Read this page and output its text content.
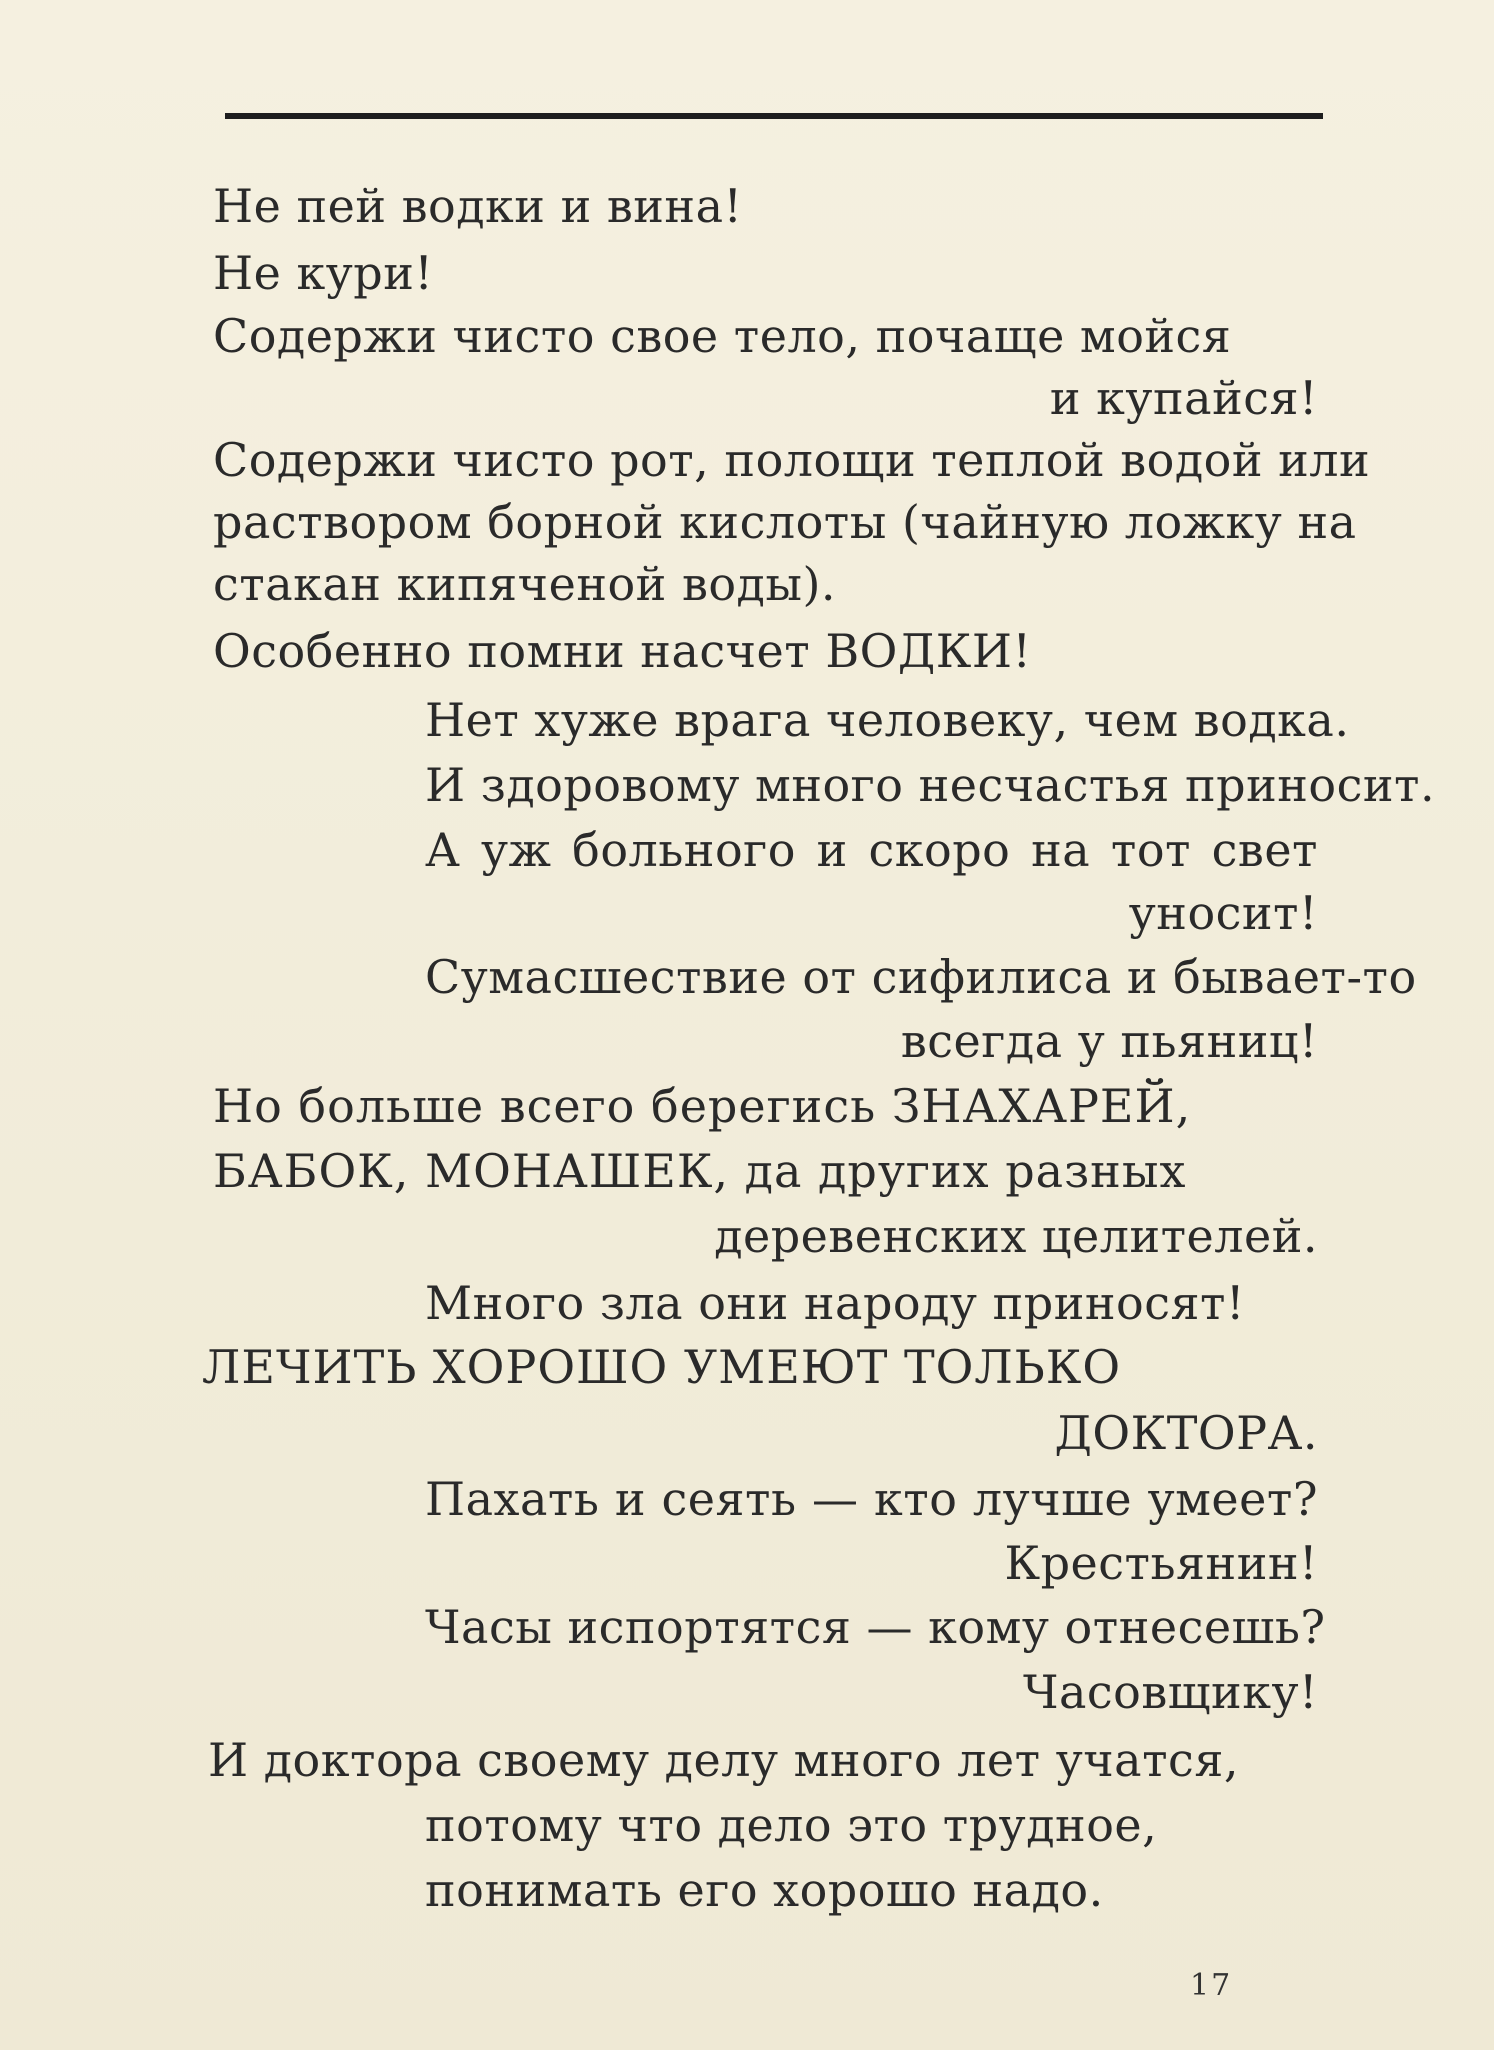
Не пей водки и вина!
Не кури!
Содержи чисто свое тело, почаще мойся
и купайся!
Содержи чисто рот, полощи теплой водой или
раствором борной кислоты (чайную ложку на
стакан кипяченой воды).
Особенно помни насчет ВОДКИ!
Нет хуже врага человеку, чем водка.
И здоровому много несчастья приносит.
А уж больного и скоро на тот свет
уносит!
Сумасшествие от сифилиса и бывает-то
всегда у пьяниц!
Но больше всего берегись ЗНАХАРЕЙ,
БАБОК, МОНАШЕК, да других разных
деревенских целителей.
Много зла они народу приносят!
ЛЕЧИТЬ ХОРОШО УМЕЮТ ТОЛЬКО
ДОКТОРА.
Пахать и сеять — кто лучше умеет?
Крестьянин!
Часы испортятся — кому отнесешь?
Часовщику!
И доктора своему делу много лет учатся,
потому что дело это трудное,
понимать его хорошо надо.
17
